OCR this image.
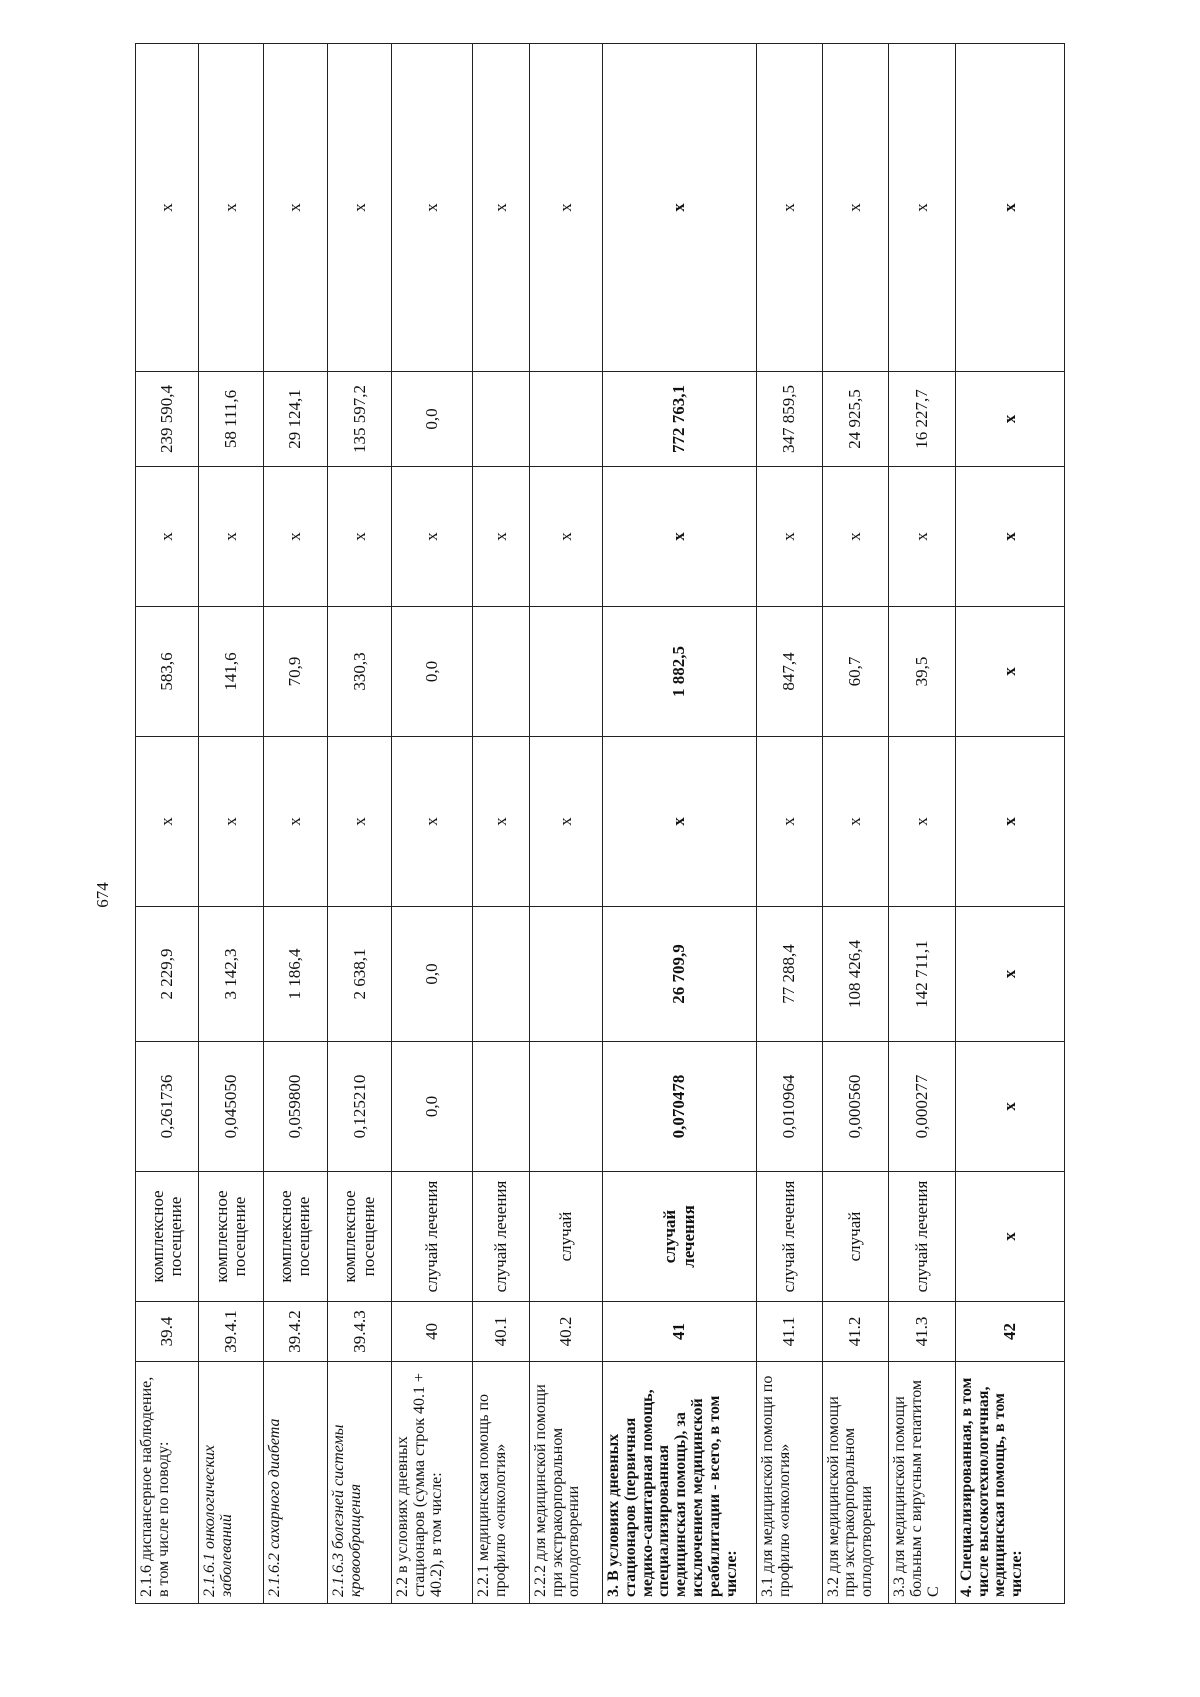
674
2.1.6 диспансерное наблюдение, в том числе по поводу:	39.4	комплексное посещение	0,261736	2 229,9	x	583,6	x	239 590,4	x
2.1.6.1 онкологических заболеваний	39.4.1	комплексное посещение	0,045050	3 142,3	x	141,6	x	58 111,6	x
2.1.6.2 сахарного диабета	39.4.2	комплексное посещение	0,059800	1 186,4	x	70,9	x	29 124,1	x
2.1.6.3 болезней системы кровообращения	39.4.3	комплексное посещение	0,125210	2 638,1	x	330,3	x	135 597,2	x
2.2 в условиях дневных стационаров (сумма строк 40.1 + 40.2), в том числе:	40	случай лечения	0,0	0,0	x	0,0	x	0,0	x
2.2.1 медицинская помощь по профилю «онкология»	40.1	случай лечения			x		x		x
2.2.2 для медицинской помощи при экстракорпоральном оплодотворении	40.2	случай			x		x		x
3. В условиях дневных стационаров (первичная медико-санитарная помощь, специализированная медицинская помощь), за исключением медицинской реабилитации - всего, в том числе:	41	случай лечения	0,070478	26 709,9	x	1 882,5	x	772 763,1	x
3.1 для медицинской помощи по профилю «онкология»	41.1	случай лечения	0,010964	77 288,4	x	847,4	x	347 859,5	x
3.2 для медицинской помощи при экстракорпоральном оплодотворении	41.2	случай	0,000560	108 426,4	x	60,7	x	24 925,5	x
3.3 для медицинской помощи больным с вирусным гепатитом С	41.3	случай лечения	0,000277	142 711,1	x	39,5	x	16 227,7	x
4. Специализированная, в том числе высокотехнологичная, медицинская помощь, в том числе:	42	x	x	x	x	x	x	x	x
